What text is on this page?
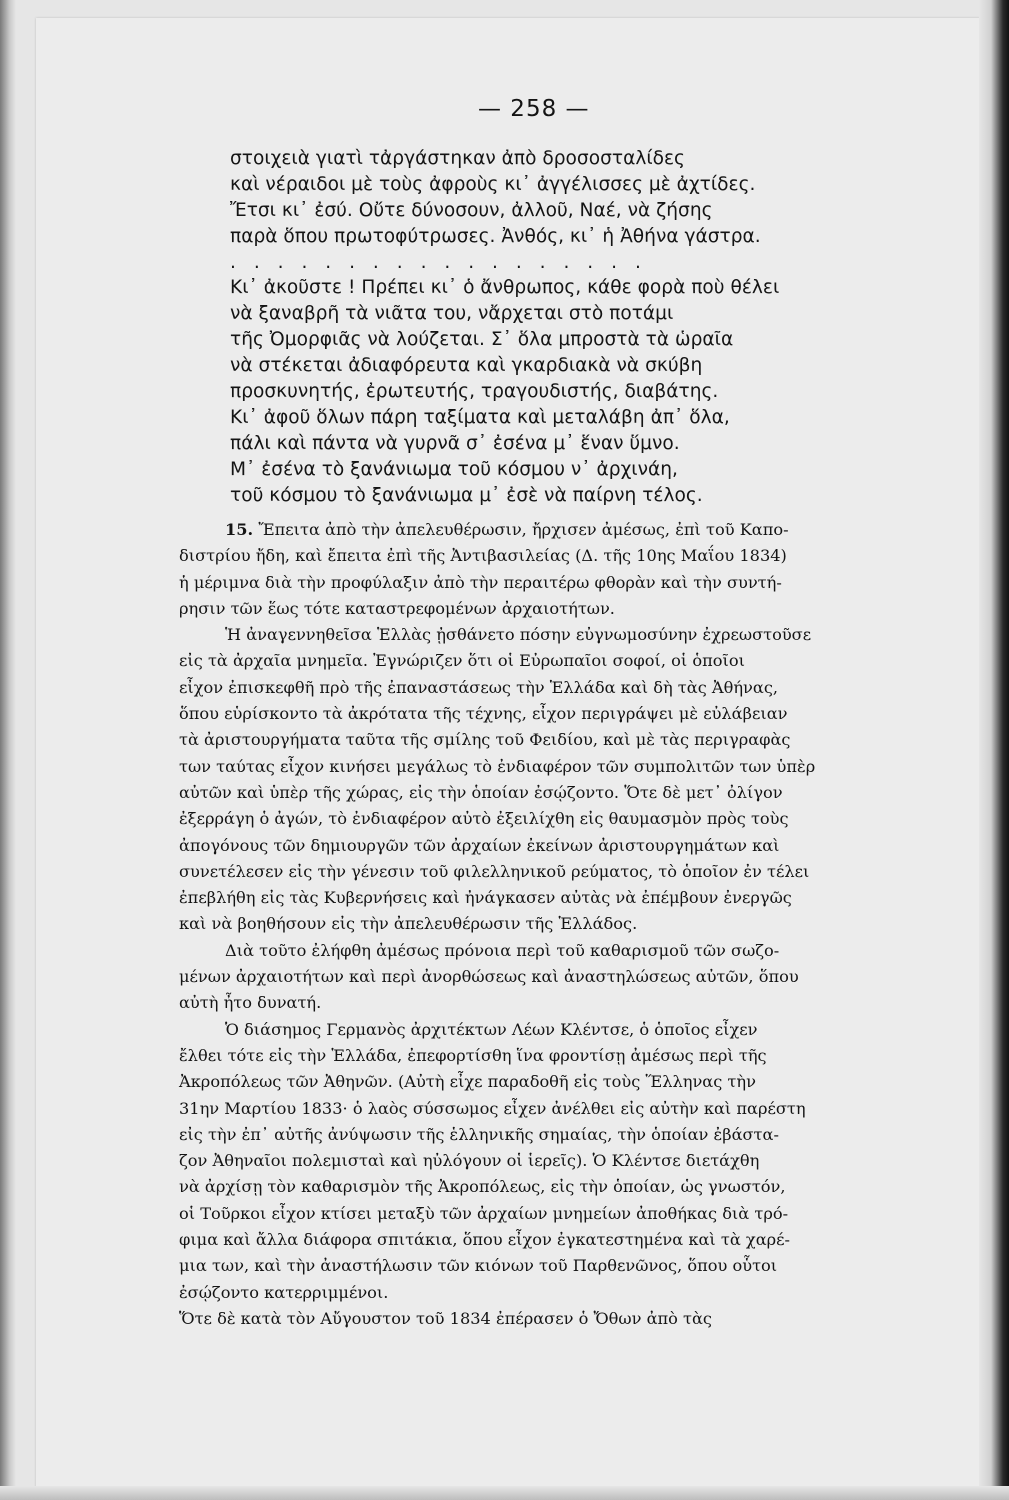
— 258 —
στοιχειὰ γιατὶ τἀργάστηκαν ἀπὸ δροσοσταλίδες
καὶ νέραιδοι μὲ τοὺς ἀφροὺς κι᾽ ἀγγέλισσες μὲ ἀχτίδες.
Ἔτσι κι᾽ ἐσύ. Οὔτε δύνοσουν, ἀλλοῦ, Ναέ, νὰ ζήσης
παρὰ ὅπου πρωτοφύτρωσες. Ἀνθός, κι᾽ ἡ Ἀθήνα γάστρα.
. . . . . . . . . . . . . . . . . .
Κι᾽ ἀκοῦστε ! Πρέπει κι᾽ ὁ ἄνθρωπος, κάθε φορὰ ποὺ θέλει
νὰ ξαναβρῆ τὰ νιᾶτα του, νἄρχεται στὸ ποτάμι
τῆς Ὀμορφιᾶς νὰ λούζεται. Σ᾽ ὅλα μπροστὰ τὰ ὡραῖα
νὰ στέκεται ἀδιαφόρευτα καὶ γκαρδιακὰ νὰ σκύβη
προσκυνητής, ἐρωτευτής, τραγουδιστής, διαβάτης.
Κι᾽ ἀφοῦ ὅλων πάρη ταξίματα καὶ μεταλάβη ἀπ᾽ ὅλα,
πάλι καὶ πάντα νὰ γυρνᾶ σ᾽ ἐσένα μ᾽ ἕναν ὕμνο.
Μ᾽ ἐσένα τὸ ξανάνιωμα τοῦ κόσμου ν᾽ ἀρχινάη,
τοῦ κόσμου τὸ ξανάνιωμα μ᾽ ἐσὲ νὰ παίρνη τέλος.
15.
Ἔπειτα ἀπὸ τὴν ἀπελευθέρωσιν, ἤρχισεν ἀμέσως, ἐπὶ τοῦ Καπο-
διστρίου ἤδη, καὶ ἔπειτα ἐπὶ τῆς Ἀντιβασιλείας (Δ. τῆς 10ης Μαΐου 1834)
ἡ μέριμνα διὰ τὴν προφύλαξιν ἀπὸ τὴν περαιτέρω φθορὰν καὶ τὴν συντή-
ρησιν τῶν ἕως τότε καταστρεφομένων ἀρχαιοτήτων.
Ἡ ἀναγεννηθεῖσα Ἑλλὰς ᾐσθάνετο πόσην εὐγνωμοσύνην ἐχρεωστοῦσε
εἰς τὰ ἀρχαῖα μνημεῖα. Ἐγνώριζεν ὅτι οἱ Εὐρωπαῖοι σοφοί, οἱ ὁποῖοι
εἶχον ἐπισκεφθῆ πρὸ τῆς ἐπαναστάσεως τὴν Ἑλλάδα καὶ δὴ τὰς Ἀθήνας,
ὅπου εὑρίσκοντο τὰ ἀκρότατα τῆς τέχνης, εἶχον περιγράψει μὲ εὐλάβειαν
τὰ ἀριστουργήματα ταῦτα τῆς σμίλης τοῦ Φειδίου, καὶ μὲ τὰς περιγραφὰς
των ταύτας εἶχον κινήσει μεγάλως τὸ ἐνδιαφέρον τῶν συμπολιτῶν των ὑπὲρ
αὐτῶν καὶ ὑπὲρ τῆς χώρας, εἰς τὴν ὁποίαν ἐσῴζοντο. Ὅτε δὲ μετ᾽ ὀλίγον
ἐξερράγη ὁ ἀγών, τὸ ἐνδιαφέρον αὐτὸ ἐξειλίχθη εἰς θαυμασμὸν πρὸς τοὺς
ἀπογόνους τῶν δημιουργῶν τῶν ἀρχαίων ἐκείνων ἀριστουργημάτων καὶ
συνετέλεσεν εἰς τὴν γένεσιν τοῦ φιλελληνικοῦ ρεύματος, τὸ ὁποῖον ἐν τέλει
ἐπεβλήθη εἰς τὰς Κυβερνήσεις καὶ ἠνάγκασεν αὐτὰς νὰ ἐπέμβουν ἐνεργῶς
καὶ νὰ βοηθήσουν εἰς τὴν ἀπελευθέρωσιν τῆς Ἑλλάδος.
Διὰ τοῦτο ἐλήφθη ἀμέσως πρόνοια περὶ τοῦ καθαρισμοῦ τῶν σωζο-
μένων ἀρχαιοτήτων καὶ περὶ ἀνορθώσεως καὶ ἀναστηλώσεως αὐτῶν, ὅπου
αὐτὴ ἦτο δυνατή.
Ὁ διάσημος Γερμανὸς ἀρχιτέκτων Λέων Κλέντσε, ὁ ὁποῖος εἶχεν
ἔλθει τότε εἰς τὴν Ἑλλάδα, ἐπεφορτίσθη ἵνα φροντίσῃ ἀμέσως περὶ τῆς
Ἀκροπόλεως τῶν Ἀθηνῶν. (Αὐτὴ εἶχε παραδοθῆ εἰς τοὺς Ἕλληνας τὴν
31ην Μαρτίου 1833· ὁ λαὸς σύσσωμος εἶχεν ἀνέλθει εἰς αὐτὴν καὶ παρέστη
εἰς τὴν ἐπ᾽ αὐτῆς ἀνύψωσιν τῆς ἑλληνικῆς σημαίας, τὴν ὁποίαν ἐβάστα-
ζον Ἀθηναῖοι πολεμισταὶ καὶ ηὐλόγουν οἱ ἱερεῖς). Ὁ Κλέντσε διετάχθη
νὰ ἀρχίσῃ τὸν καθαρισμὸν τῆς Ἀκροπόλεως, εἰς τὴν ὁποίαν, ὡς γνωστόν,
οἱ Τοῦρκοι εἶχον κτίσει μεταξὺ τῶν ἀρχαίων μνημείων ἀποθήκας διὰ τρό-
φιμα καὶ ἄλλα διάφορα σπιτάκια, ὅπου εἶχον ἐγκατεστημένα καὶ τὰ χαρέ-
μια των, καὶ τὴν ἀναστήλωσιν τῶν κιόνων τοῦ Παρθενῶνος, ὅπου οὗτοι
ἐσῴζοντο κατερριμμένοι.
Ὅτε δὲ κατὰ τὸν Αὔγουστον τοῦ 1834 ἐπέρασεν ὁ Ὄθων ἀπὸ τὰς
